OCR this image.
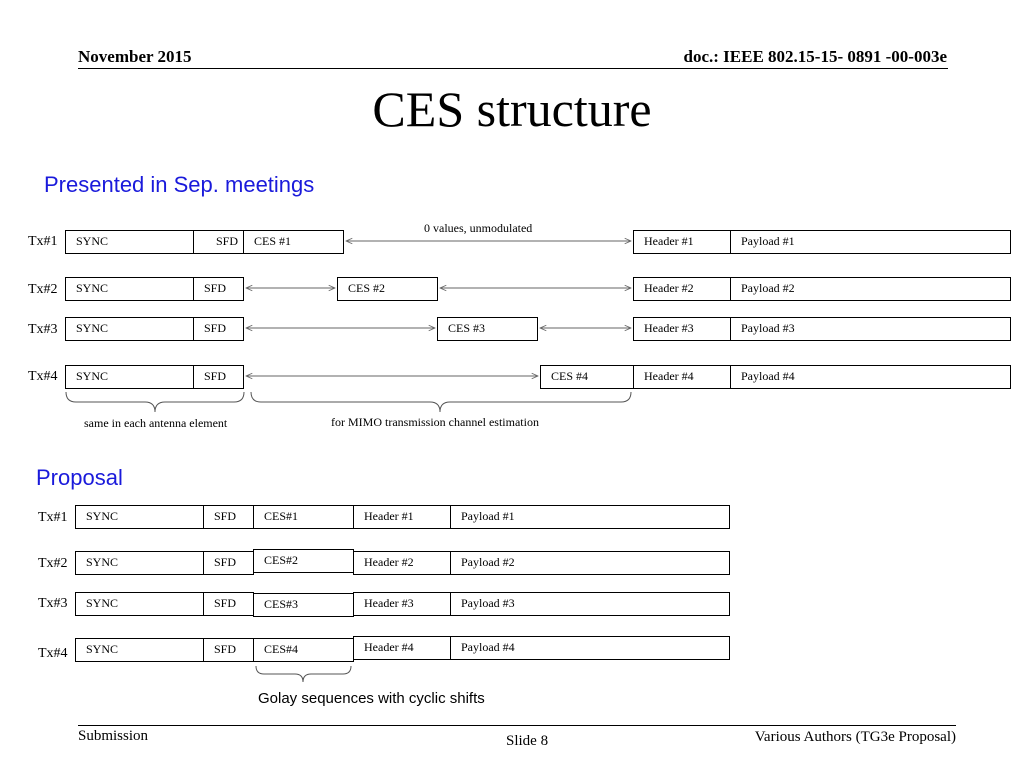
November 2015	doc.: IEEE 802.15-15- 0891 -00-003e
CES structure
Presented in Sep. meetings
0 values, unmodulated
Tx#1	SYNC	SFD	CES #1	Header #1	Payload #1
Tx#2	SYNC	SFD	CES #2	Header #2	Payload #2
Tx#3	SYNC	SFD	CES #3	Header #3	Payload #3
Tx#4	SYNC	SFD	CES #4	Header #4	Payload #4
same in each antenna element	for MIMO transmission channel estimation
Proposal
Tx#1	SYNC	SFD	CES#1	Header #1	Payload #1
Tx#2	SYNC	SFD	CES#2	Header #2	Payload #2
Tx#3	SYNC	SFD	CES#3	Header #3	Payload #3
Tx#4	SYNC	SFD	CES#4	Header #4	Payload #4
Golay sequences with cyclic shifts
Submission	Slide 8	Various Authors (TG3e Proposal)
